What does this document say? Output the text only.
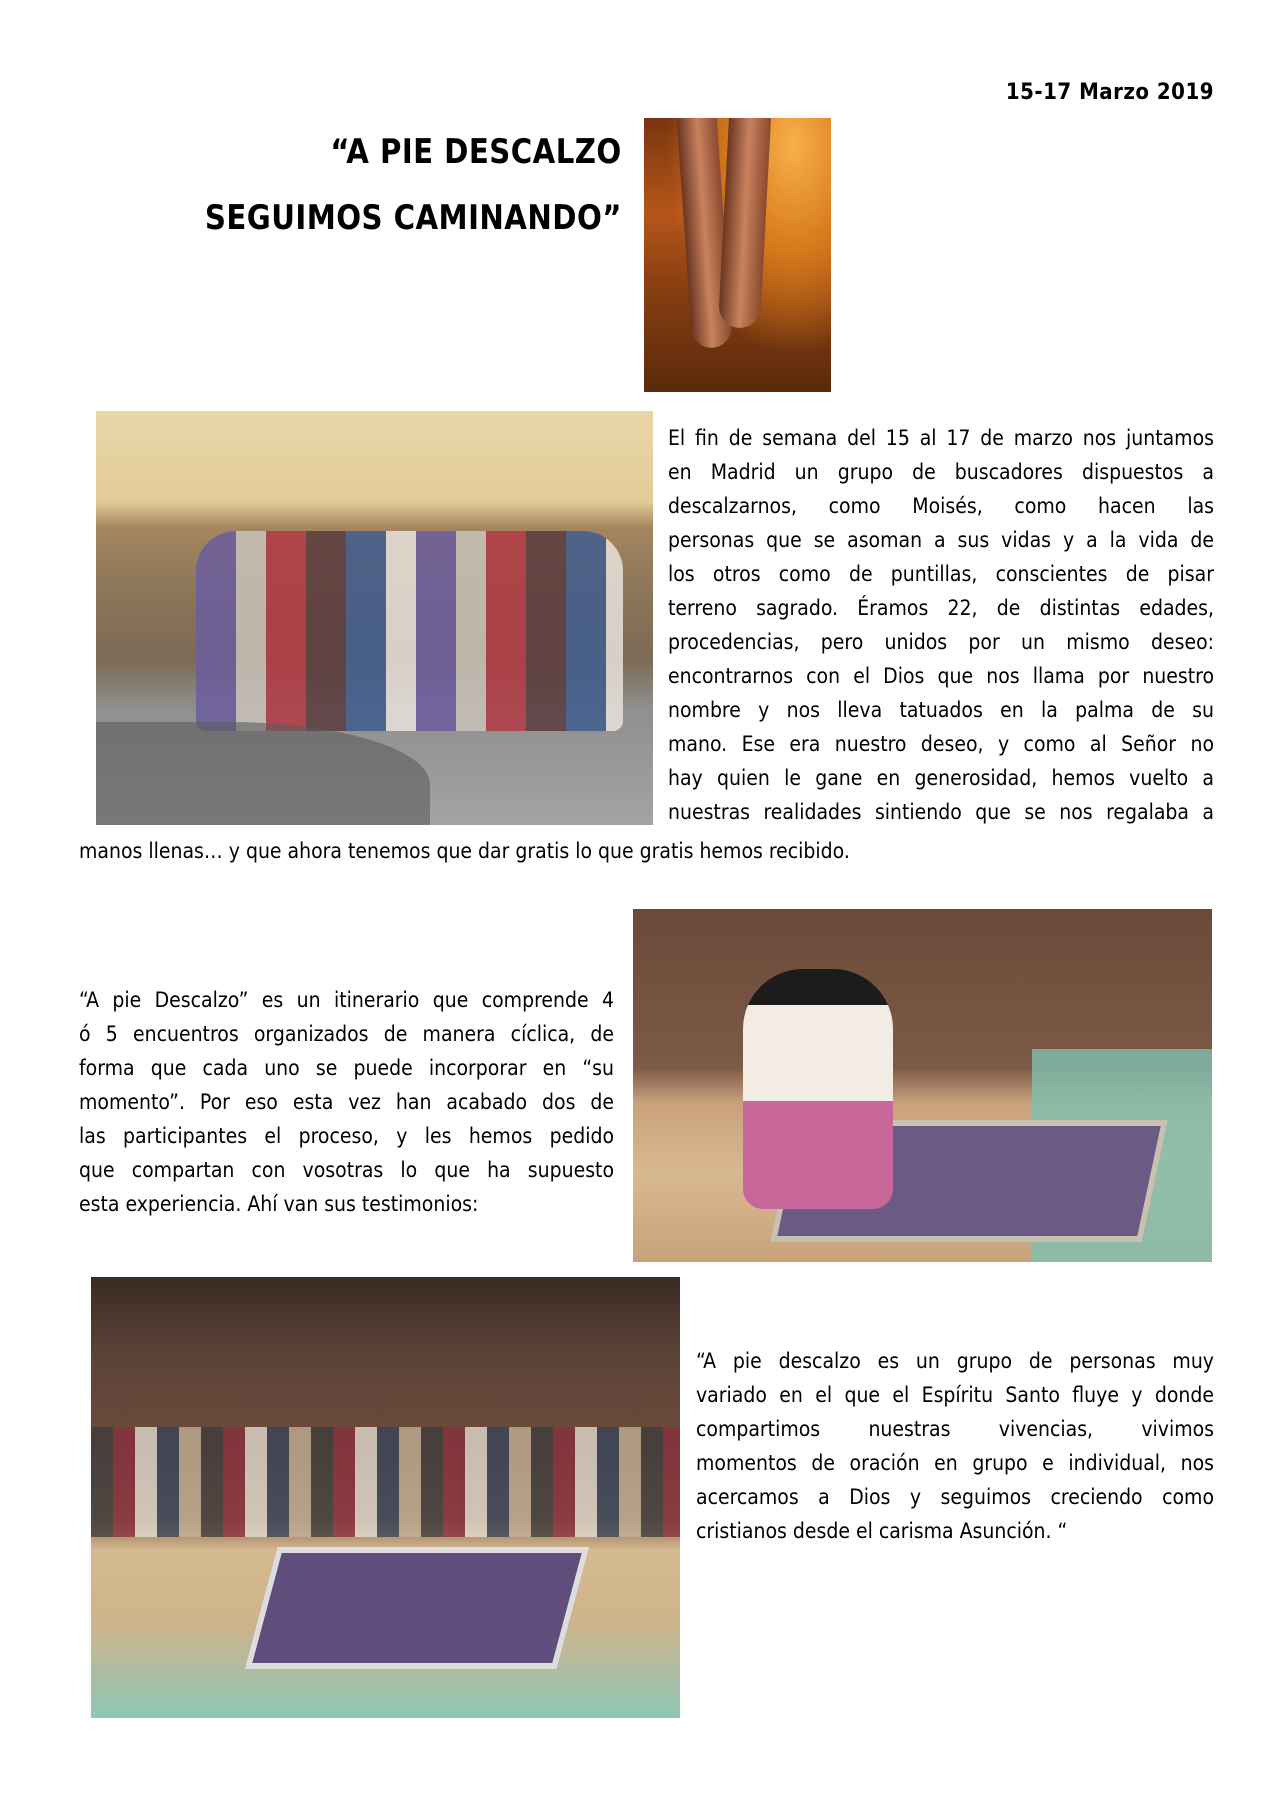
15-17 Marzo 2019
“A PIE DESCALZO
SEGUIMOS CAMINANDO”
El fin de semana del 15 al 17 de marzo nos juntamos
en Madrid un grupo de buscadores dispuestos a
descalzarnos, como Moisés, como hacen las
personas que se asoman a sus vidas y a la vida de
los otros como de puntillas, conscientes de pisar
terreno sagrado. Éramos 22, de distintas edades,
procedencias, pero unidos por un mismo deseo:
encontrarnos con el Dios que nos llama por nuestro
nombre y nos lleva tatuados en la palma de su
mano. Ese era nuestro deseo, y como al Señor no
hay quien le gane en generosidad, hemos vuelto a
nuestras realidades sintiendo que se nos regalaba a
manos llenas… y que ahora tenemos que dar gratis lo que gratis hemos recibido.
“A pie Descalzo” es un itinerario que comprende 4
ó 5 encuentros organizados de manera cíclica, de
forma que cada uno se puede incorporar en “su
momento”. Por eso esta vez han acabado dos de
las participantes el proceso, y les hemos pedido
que compartan con vosotras lo que ha supuesto
esta experiencia. Ahí van sus testimonios:
“A pie descalzo es un grupo de personas muy
variado en el que el Espíritu Santo fluye y donde
compartimos nuestras vivencias, vivimos
momentos de oración en grupo e individual, nos
acercamos a Dios y seguimos creciendo como
cristianos desde el carisma Asunción. “
